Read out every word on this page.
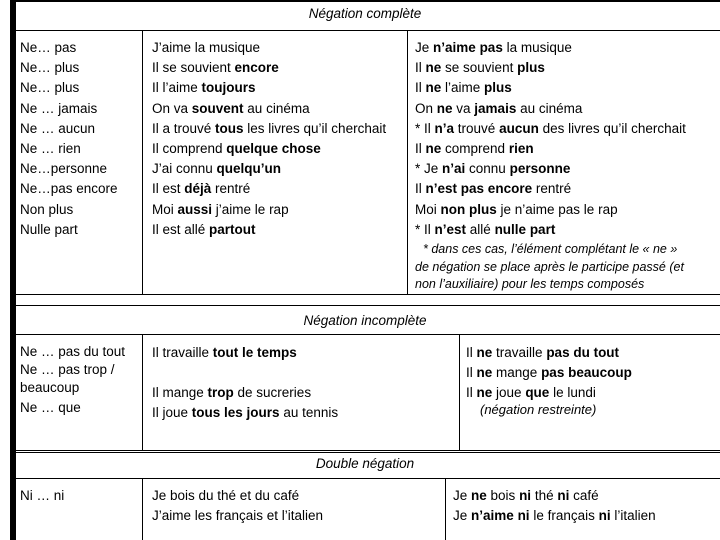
Négation complète
Ne… pas
Ne… plus
Ne… plus
Ne … jamais
Ne … aucun
Ne … rien
Ne…personne
Ne…pas encore
Non plus
Nulle part
J’aime la musique
Il se souvient encore
Il l’aime toujours
On va souvent au cinéma
Il a trouvé tous les livres qu’il cherchait
Il comprend quelque chose
J’ai connu quelqu’un
Il est déjà rentré
Moi aussi j’aime le rap
Il est allé partout
Je n’aime pas la musique
Il ne se souvient plus
Il ne l’aime plus
On ne va jamais au cinéma
* Il n’a trouvé aucun des livres qu’il cherchait
Il ne comprend rien
* Je n’ai connu personne
Il n’est pas encore rentré
Moi non plus je n’aime pas le rap
* Il n’est allé nulle part
* dans ces cas, l’élément complétant le « ne »
de négation se place après le participe passé (et
non l’auxiliaire) pour les temps composés
Négation incomplète
Ne … pas du tout
Ne … pas trop /
beaucoup
Ne … que
Il travaille tout le temps
Il mange trop de sucreries
Il joue tous les jours au tennis
Il ne travaille pas du tout
Il ne mange pas beaucoup
Il ne joue que le lundi
(négation restreinte)
Double négation
Ni … ni	Je bois du thé et du café
J’aime les français et l’italien
Je ne bois ni thé ni café
Je n’aime ni le français ni l’italien
